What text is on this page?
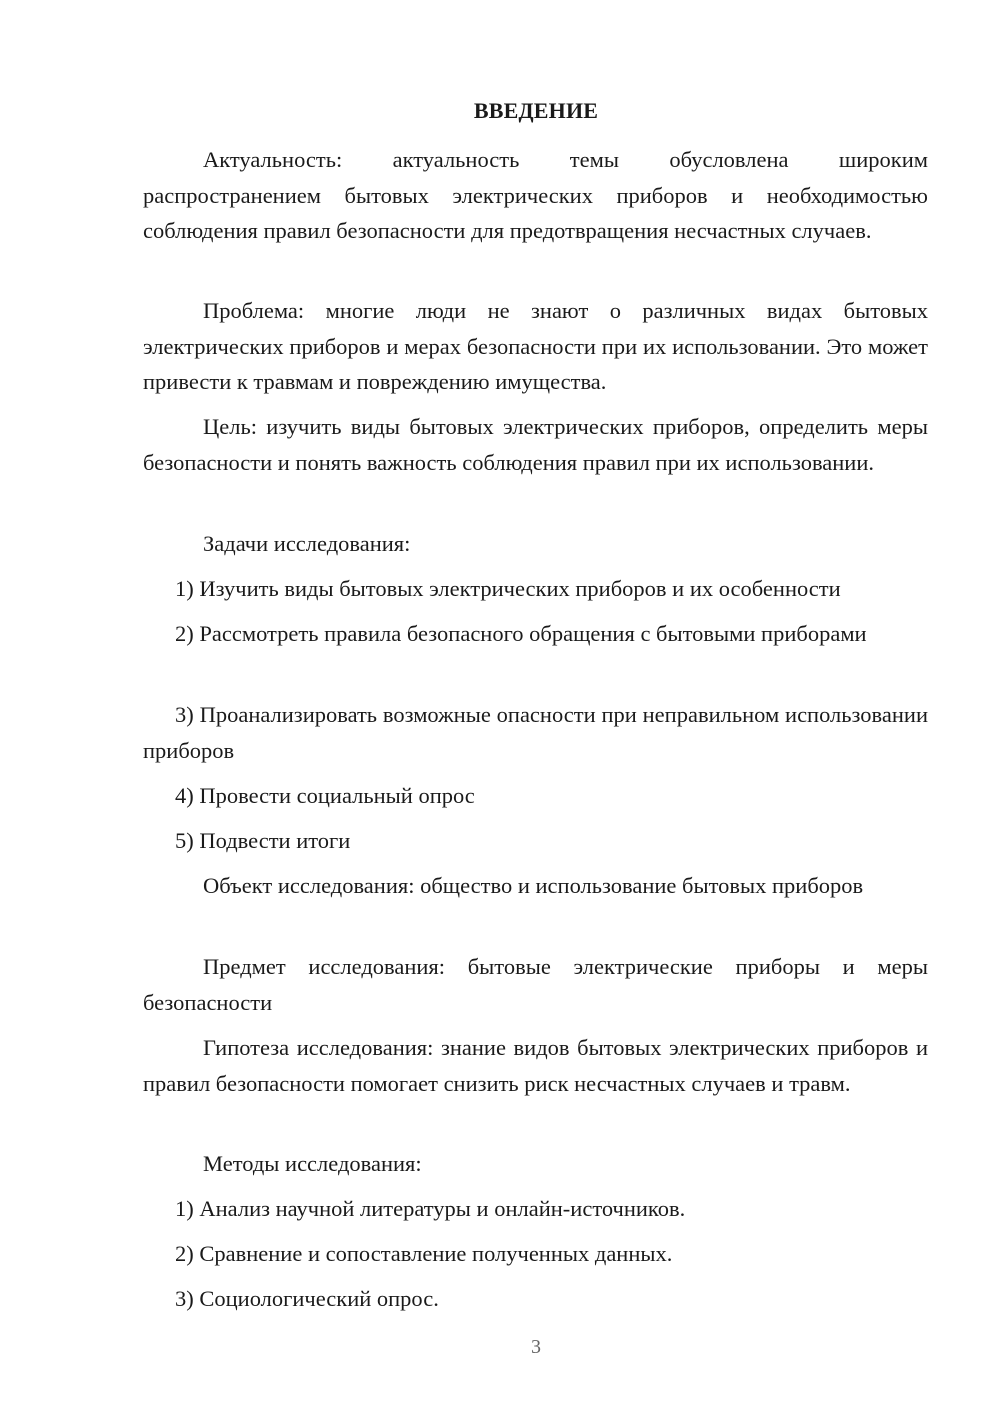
ВВЕДЕНИЕ
Актуальность: актуальность темы обусловлена широким распространением бытовых электрических приборов и необходимостью соблюдения правил безопасности для предотвращения несчастных случаев.
Проблема: многие люди не знают о различных видах бытовых электрических приборов и мерах безопасности при их использовании. Это может привести к травмам и повреждению имущества.
Цель: изучить виды бытовых электрических приборов, определить меры безопасности и понять важность соблюдения правил при их использовании.
Задачи исследования:
1) Изучить виды бытовых электрических приборов и их особенности
2) Рассмотреть правила безопасного обращения с бытовыми приборами
3) Проанализировать возможные опасности при неправильном использовании приборов
4) Провести социальный опрос
5) Подвести итоги
Объект исследования: общество и использование бытовых приборов
Предмет исследования: бытовые электрические приборы и меры безопасности
Гипотеза исследования: знание видов бытовых электрических приборов и правил безопасности помогает снизить риск несчастных случаев и травм.
Методы исследования:
1) Анализ научной литературы и онлайн-источников.
2) Сравнение и сопоставление полученных данных.
3) Социологический опрос.
3
